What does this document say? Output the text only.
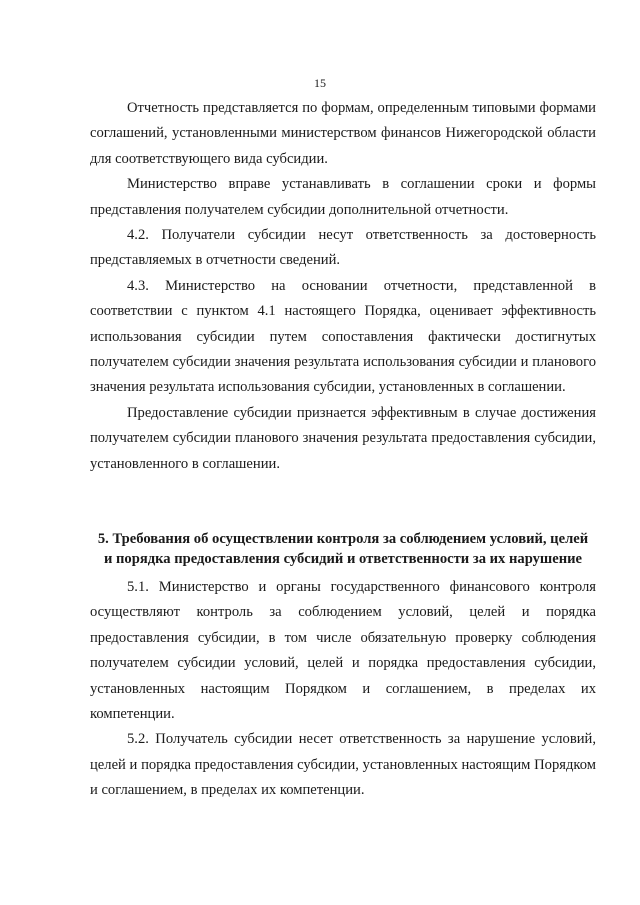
15

Отчетность представляется по формам, определенным типовыми формами соглашений, установленными министерством финансов Нижегородской области для соответствующего вида субсидии.

Министерство вправе устанавливать в соглашении сроки и формы представления получателем субсидии дополнительной отчетности.

4.2. Получатели субсидии несут ответственность за достоверность представляемых в отчетности сведений.

4.3. Министерство на основании отчетности, представленной в соответствии с пунктом 4.1 настоящего Порядка, оценивает эффективность использования субсидии путем сопоставления фактически достигнутых получателем субсидии значения результата использования субсидии и планового значения результата использования субсидии, установленных в соглашении.

Предоставление субсидии признается эффективным в случае достижения получателем субсидии планового значения результата предоставления субсидии, установленного в соглашении.

5. Требования об осуществлении контроля за соблюдением условий, целей
и порядка предоставления субсидий и ответственности за их нарушение

5.1. Министерство и органы государственного финансового контроля осуществляют контроль за соблюдением условий, целей и порядка предоставления субсидии, в том числе обязательную проверку соблюдения получателем субсидии условий, целей и порядка предоставления субсидии, установленных настоящим Порядком и соглашением, в пределах их компетенции.

5.2. Получатель субсидии несет ответственность за нарушение условий, целей и порядка предоставления субсидии, установленных настоящим Порядком и соглашением, в пределах их компетенции.
